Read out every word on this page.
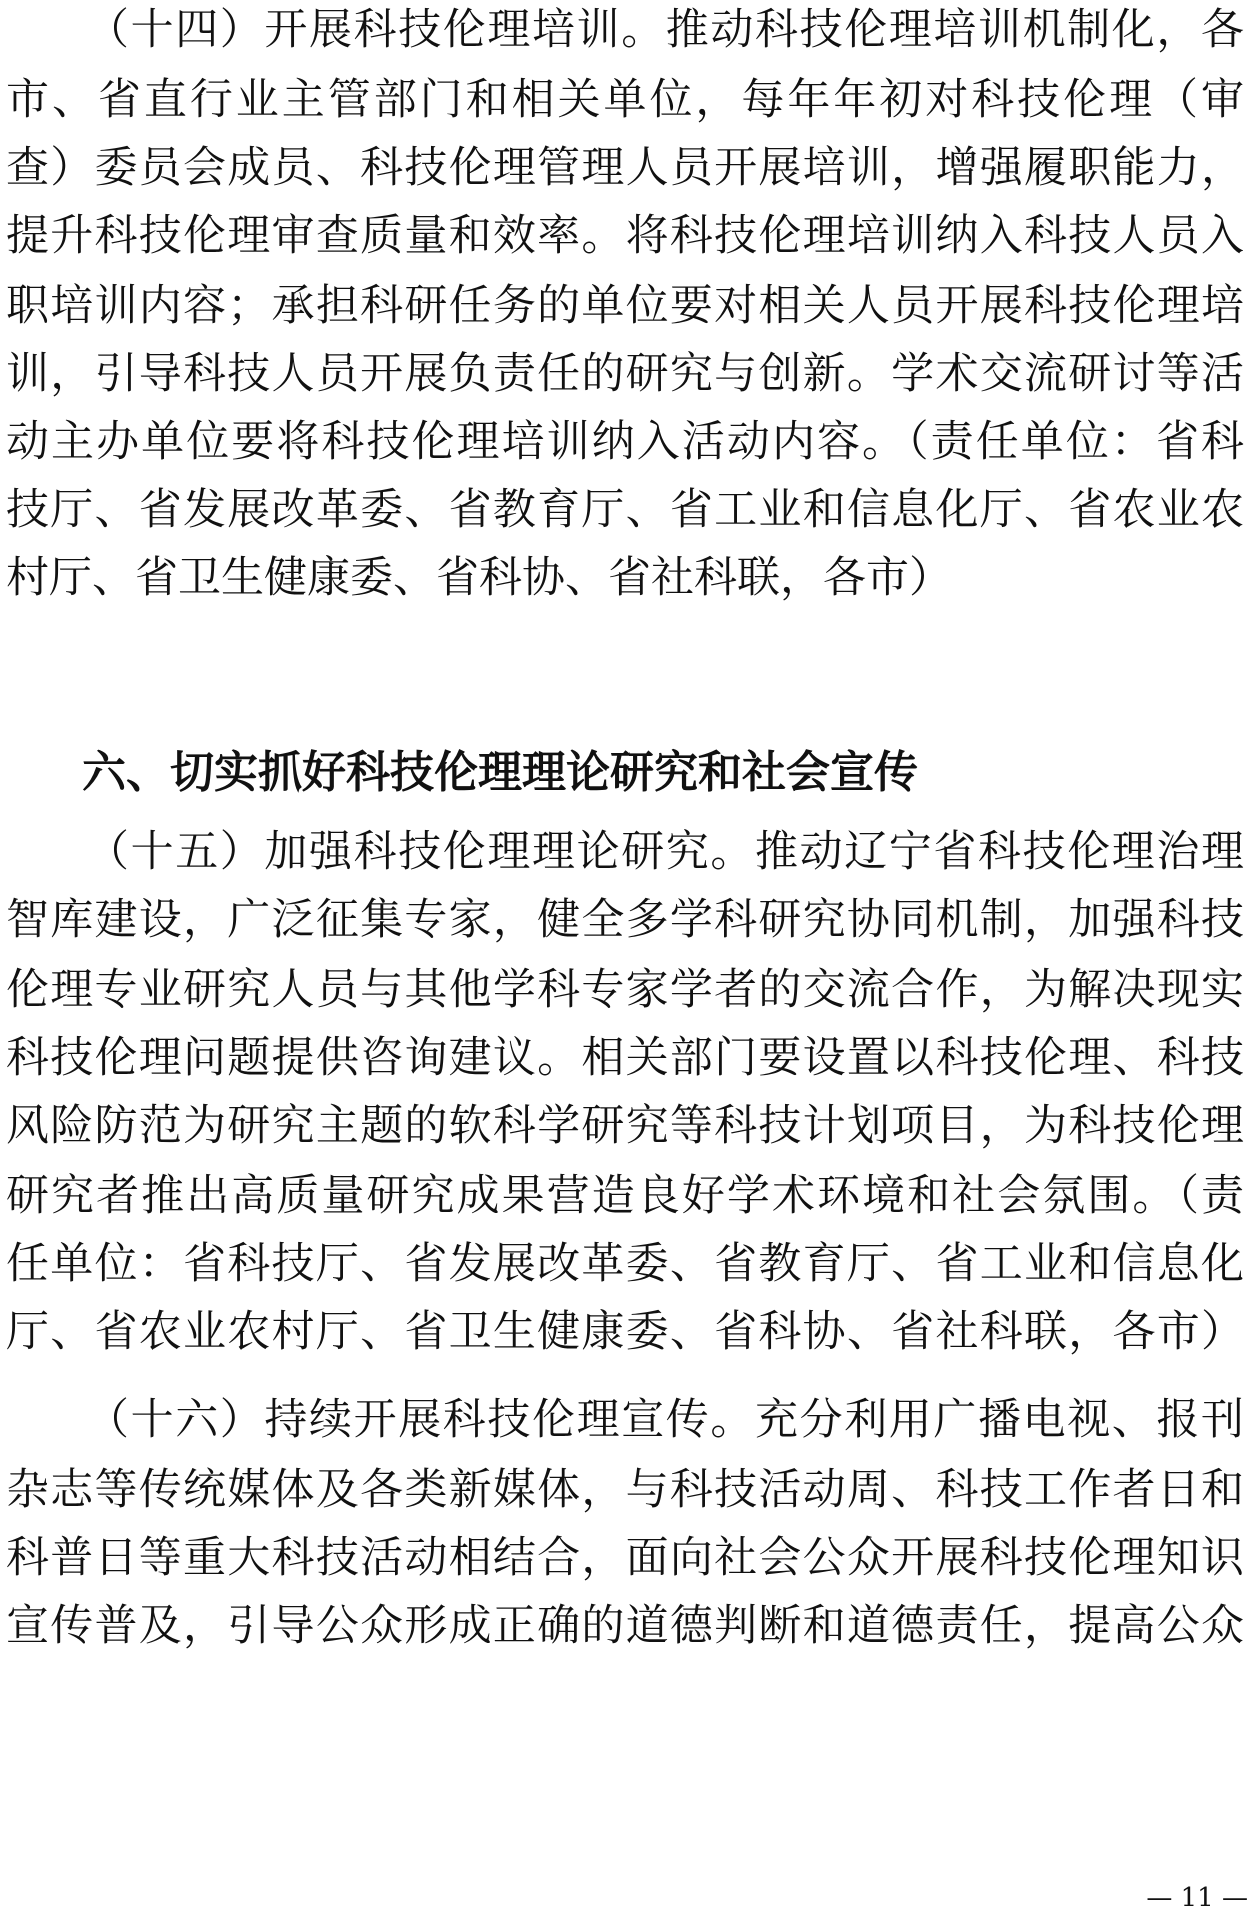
（十四）开展科技伦理培训。推动科技伦理培训机制化，各
市、省直行业主管部门和相关单位，每年年初对科技伦理（审
查）委员会成员、科技伦理管理人员开展培训，增强履职能力，
提升科技伦理审查质量和效率。将科技伦理培训纳入科技人员入
职培训内容；承担科研任务的单位要对相关人员开展科技伦理培
训，引导科技人员开展负责任的研究与创新。学术交流研讨等活
动主办单位要将科技伦理培训纳入活动内容。（责任单位：省科
技厅、省发展改革委、省教育厅、省工业和信息化厅、省农业农
村厅、省卫生健康委、省科协、省社科联，各市）
六、切实抓好科技伦理理论研究和社会宣传
（十五）加强科技伦理理论研究。推动辽宁省科技伦理治理
智库建设，广泛征集专家，健全多学科研究协同机制，加强科技
伦理专业研究人员与其他学科专家学者的交流合作，为解决现实
科技伦理问题提供咨询建议。相关部门要设置以科技伦理、科技
风险防范为研究主题的软科学研究等科技计划项目，为科技伦理
研究者推出高质量研究成果营造良好学术环境和社会氛围。（责
任单位：省科技厅、省发展改革委、省教育厅、省工业和信息化
厅、省农业农村厅、省卫生健康委、省科协、省社科联，各市）
（十六）持续开展科技伦理宣传。充分利用广播电视、报刊
杂志等传统媒体及各类新媒体，与科技活动周、科技工作者日和
科普日等重大科技活动相结合，面向社会公众开展科技伦理知识
宣传普及，引导公众形成正确的道德判断和道德责任，提高公众
— 11 —
